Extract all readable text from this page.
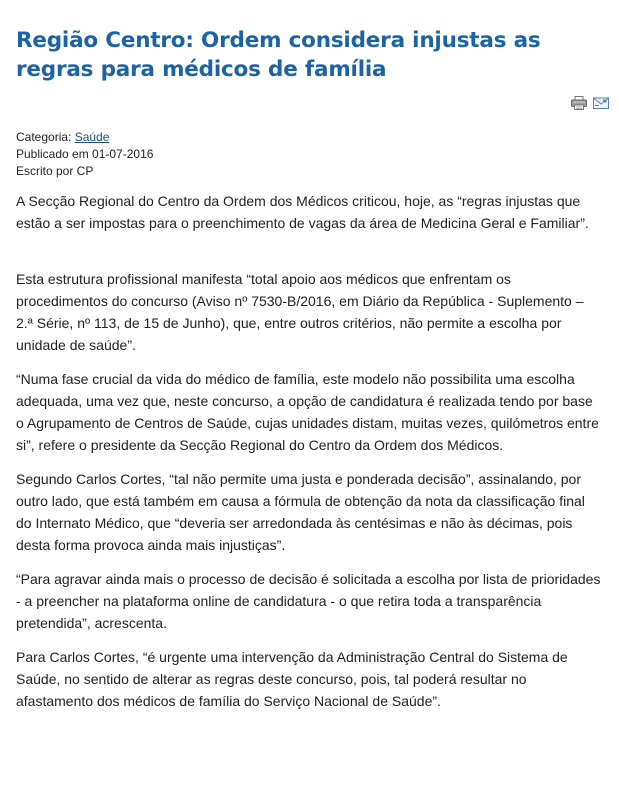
Região Centro: Ordem considera injustas as regras para médicos de família
Categoria: Saúde
Publicado em 01-07-2016
Escrito por CP

A Secção Regional do Centro da Ordem dos Médicos criticou, hoje, as “regras injustas que estão a ser impostas para o preenchimento de vagas da área de Medicina Geral e Familiar”.

Esta estrutura profissional manifesta “total apoio aos médicos que enfrentam os procedimentos do concurso (Aviso nº 7530-B/2016, em Diário da República - Suplemento – 2.ª Série, nº 113, de 15 de Junho), que, entre outros critérios, não permite a escolha por unidade de saúde”.

“Numa fase crucial da vida do médico de família, este modelo não possibilita uma escolha adequada, uma vez que, neste concurso, a opção de candidatura é realizada tendo por base o Agrupamento de Centros de Saúde, cujas unidades distam, muitas vezes, quilómetros entre si”, refere o presidente da Secção Regional do Centro da Ordem dos Médicos.

Segundo Carlos Cortes, “tal não permite uma justa e ponderada decisão”, assinalando, por outro lado, que está também em causa a fórmula de obtenção da nota da classificação final do Internato Médico, que “deveria ser arredondada às centésimas e não às décimas, pois desta forma provoca ainda mais injustiças”.

“Para agravar ainda mais o processo de decisão é solicitada a escolha por lista de prioridades - a preencher na plataforma online de candidatura - o que retira toda a transparência pretendida”, acrescenta.

Para Carlos Cortes, “é urgente uma intervenção da Administração Central do Sistema de Saúde, no sentido de alterar as regras deste concurso, pois, tal poderá resultar no afastamento dos médicos de família do Serviço Nacional de Saúde”.
